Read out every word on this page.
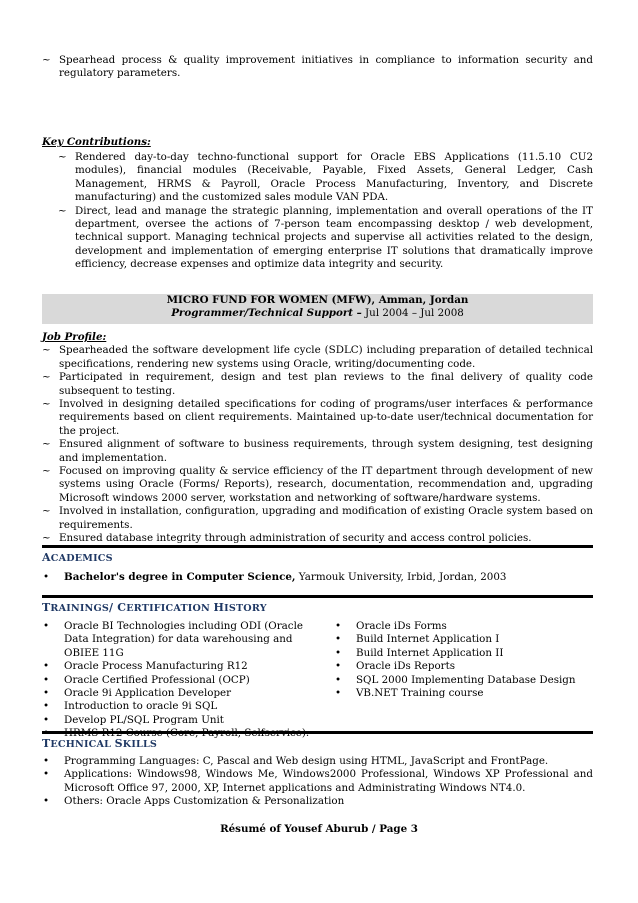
~ Spearhead process & quality improvement initiatives in compliance to information security and regulatory parameters.
Key Contributions:
~ Rendered day-to-day techno-functional support for Oracle EBS Applications (11.5.10 CU2 modules), financial modules (Receivable, Payable, Fixed Assets, General Ledger, Cash Management, HRMS & Payroll, Oracle Process Manufacturing, Inventory, and Discrete manufacturing) and the customized sales module VAN PDA.
~ Direct, lead and manage the strategic planning, implementation and overall operations of the IT department, oversee the actions of 7-person team encompassing desktop / web development, technical support. Managing technical projects and supervise all activities related to the design, development and implementation of emerging enterprise IT solutions that dramatically improve efficiency, decrease expenses and optimize data integrity and security.
MICRO FUND FOR WOMEN (MFW), Amman, Jordan
Programmer/Technical Support – Jul 2004 – Jul 2008
Job Profile:
~ Spearheaded the software development life cycle (SDLC) including preparation of detailed technical specifications, rendering new systems using Oracle, writing/documenting code.
~ Participated in requirement, design and test plan reviews to the final delivery of quality code subsequent to testing.
~ Involved in designing detailed specifications for coding of programs/user interfaces & performance requirements based on client requirements. Maintained up-to-date user/technical documentation for the project.
~ Ensured alignment of software to business requirements, through system designing, test designing and implementation.
~ Focused on improving quality & service efficiency of the IT department through development of new systems using Oracle (Forms/ Reports), research, documentation, recommendation and, upgrading Microsoft windows 2000 server, workstation and networking of software/hardware systems.
~ Involved in installation, configuration, upgrading and modification of existing Oracle system based on requirements.
~ Ensured database integrity through administration of security and access control policies.
ACADEMICS
• Bachelor's degree in Computer Science, Yarmouk University, Irbid, Jordan, 2003
TRAININGS/ CERTIFICATION HISTORY
• Oracle BI Technologies including ODI (Oracle Data Integration) for data warehousing and OBIEE 11G
• Oracle Process Manufacturing R12
• Oracle Certified Professional (OCP)
• Oracle 9i Application Developer
• Introduction to oracle 9i SQL
• Develop PL/SQL Program Unit
•
• Oracle iDs Forms
• Build Internet Application I
• Build Internet Application II
• Oracle iDs Reports
• SQL 2000 Implementing Database Design
• VB.NET Training course
TECHNICAL SKILLS
• Programming Languages: C, Pascal and Web design using HTML, JavaScript and FrontPage.
• Applications: Windows98, Windows Me, Windows2000 Professional, Windows XP Professional and Microsoft Office 97, 2000, XP, Internet applications and Administrating Windows NT4.0.
• Others: Oracle Apps Customization & Personalization
Résumé of Yousef Aburub / Page 3
